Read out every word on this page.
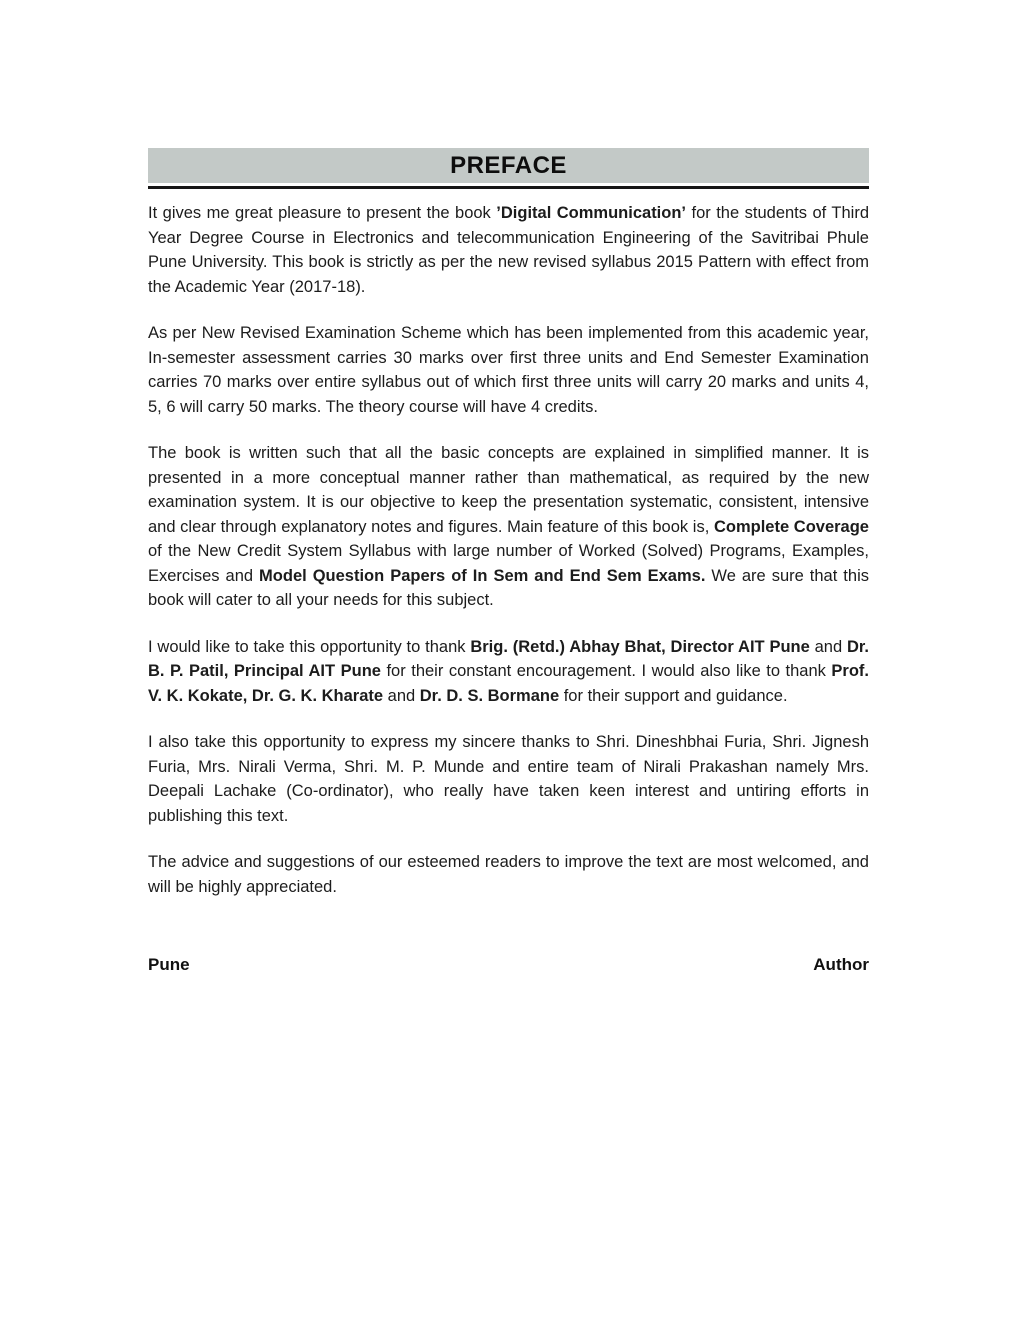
PREFACE

It gives me great pleasure to present the book ’Digital Communication’ for the students of Third Year Degree Course in Electronics and telecommunication Engineering of the Savitribai Phule Pune University. This book is strictly as per the new revised syllabus 2015 Pattern with effect from the Academic Year (2017-18).

As per New Revised Examination Scheme which has been implemented from this academic year, In-semester assessment carries 30 marks over first three units and End Semester Examination carries 70 marks over entire syllabus out of which first three units will carry 20 marks and units 4, 5, 6 will carry 50 marks. The theory course will have 4 credits.

The book is written such that all the basic concepts are explained in simplified manner. It is presented in a more conceptual manner rather than mathematical, as required by the new examination system. It is our objective to keep the presentation systematic, consistent, intensive and clear through explanatory notes and figures. Main feature of this book is, Complete Coverage of the New Credit System Syllabus with large number of Worked (Solved) Programs, Examples, Exercises and Model Question Papers of In Sem and End Sem Exams. We are sure that this book will cater to all your needs for this subject.

I would like to take this opportunity to thank Brig. (Retd.) Abhay Bhat, Director AIT Pune and Dr. B. P. Patil, Principal AIT Pune for their constant encouragement. I would also like to thank Prof. V. K. Kokate, Dr. G. K. Kharate and Dr. D. S. Bormane for their support and guidance.

I also take this opportunity to express my sincere thanks to Shri. Dineshbhai Furia, Shri. Jignesh Furia, Mrs. Nirali Verma, Shri. M. P. Munde and entire team of Nirali Prakashan namely Mrs. Deepali Lachake (Co-ordinator), who really have taken keen interest and untiring efforts in publishing this text.

The advice and suggestions of our esteemed readers to improve the text are most welcomed, and will be highly appreciated.

Pune	Author
